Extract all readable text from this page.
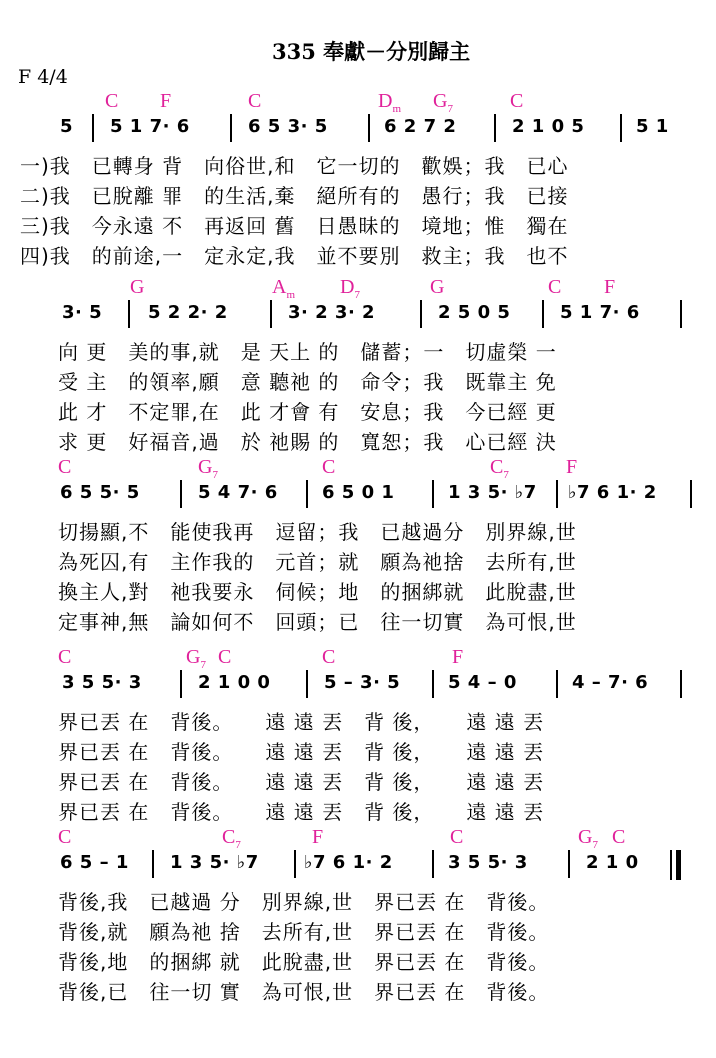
335 奉獻－分別歸主
F 4/4
C F	C	$D_m$ $G_7$	C
5 5 1 7· 6	6 5 3· 5	6 2 7 2	2 1 0 5	5 1
一)我　已轉身 背　向俗世,和　它一切的　歡娛；我　已心
二)我　已脫離 罪　的生活,棄　絕所有的　愚行；我　已接
三)我　今永遠 不　再返回 舊　日愚昧的　境地；惟　獨在
四)我　的前途,一　定永定,我　並不要別　救主；我　也不
G	$A_m$ $D_7$	G	C F
3· 5	5 2 2· 2	3· 2 3· 2	2 5 0 5	5 1 7· 6
向 更　美的事,就　是 天上 的　儲蓄；一　切虛榮 一
受 主　的領率,願　意 聽祂 的　命令；我　既靠主 免
此 才　不定罪,在　此 才會 有　安息；我　今已經 更
求 更　好福音,過　於 祂賜 的　寬恕；我　心已經 決
C	$G_7$	C	$C_7$	F
6 5 5· 5	5 4 7· 6 6 5 0 1	1 3 5· ♭7 ♭7 6 1· 2
切揚顯,不　能使我再　逗留；我　已越過分　別界線,世
為死囚,有　主作我的　元首；就　願為祂捨　去所有,世
換主人,對　祂我要永　伺候；地　的捆綁就　此脫盡,世
定事神,無　論如何不　回頭；已　往一切實　為可恨,世
C	$G_7$ C	C	F
3 5 5· 3	2 1 0 0	5 – 3· 5	5 4 – 0	4 – 7· 6
界已丟 在　背後。　　遠 遠 丟　背 後，　　遠 遠 丟
界已丟 在　背後。　　遠 遠 丟　背 後，　　遠 遠 丟
界已丟 在　背後。　　遠 遠 丟　背 後，　　遠 遠 丟
界已丟 在　背後。　　遠 遠 丟　背 後，　　遠 遠 丟
C	$C_7$	F	C	$G_7$ C
6 5 – 1 1 3 5· ♭7	♭7 6 1· 2	3 5 5· 3	2 1 0
背後,我　已越過 分　別界線,世　界已丟 在　背後。
背後,就　願為祂 捨　去所有,世　界已丟 在　背後。
背後,地　的捆綁 就　此脫盡,世　界已丟 在　背後。
背後,已　往一切 實　為可恨,世　界已丟 在　背後。
